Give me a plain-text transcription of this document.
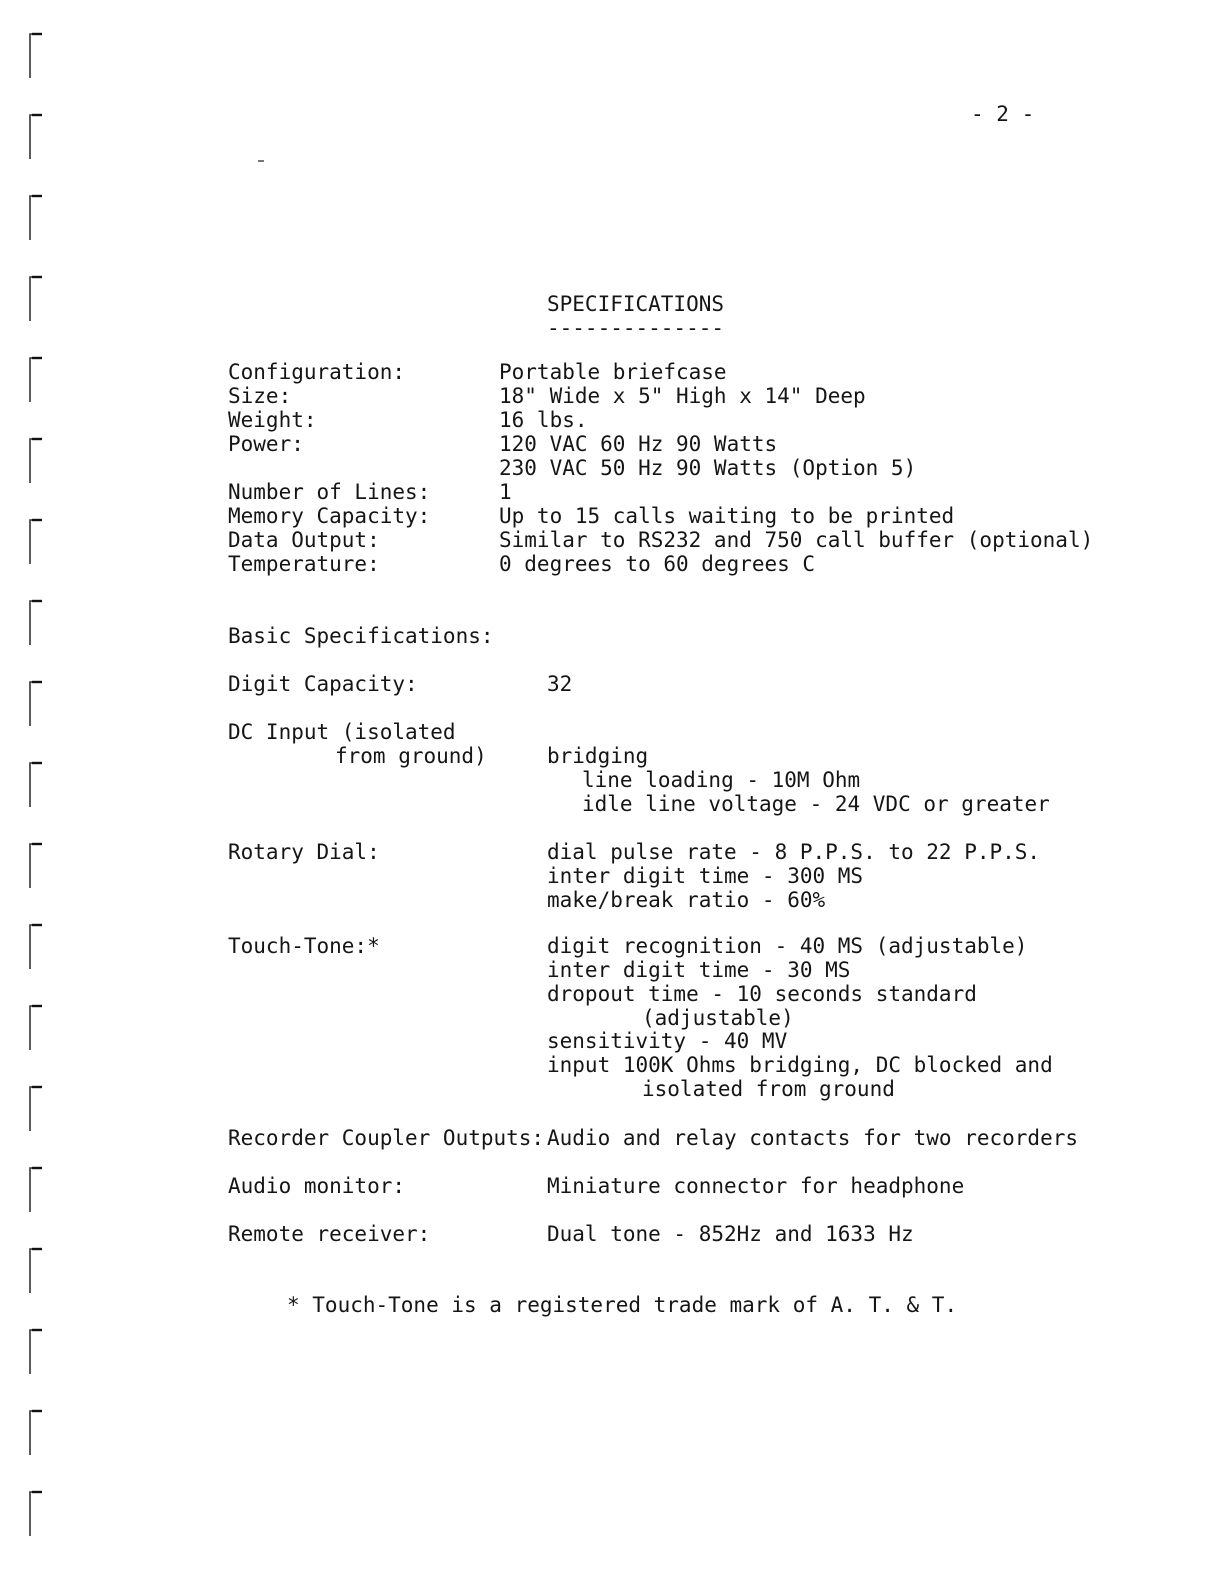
- 2 -
SPECIFICATIONS
--------------
Configuration:	Portable briefcase
Size:	18" Wide x 5" High x 14" Deep
Weight:	16 lbs.
Power:	120 VAC 60 Hz 90 Watts
230 VAC 50 Hz 90 Watts (Option 5)
Number of Lines:	1
Memory Capacity:	Up to 15 calls waiting to be printed
Data Output:	Similar to RS232 and 750 call buffer (optional)
Temperature:	0 degrees to 60 degrees C
Basic Specifications:
Digit Capacity:	32
DC Input (isolated
from ground)	bridging
line loading - 10M Ohm
idle line voltage - 24 VDC or greater
Rotary Dial:	dial pulse rate - 8 P.P.S. to 22 P.P.S.
inter digit time - 300 MS
make/break ratio - 60%
Touch-Tone:*	digit recognition - 40 MS (adjustable)
inter digit time - 30 MS
dropout time - 10 seconds standard
(adjustable)
sensitivity - 40 MV
input 100K Ohms bridging, DC blocked and
isolated from ground
Recorder Coupler Outputs: Audio and relay contacts for two recorders
Audio monitor:	Miniature connector for headphone
Remote receiver:	Dual tone - 852Hz and 1633 Hz
* Touch-Tone is a registered trade mark of A. T. & T.
